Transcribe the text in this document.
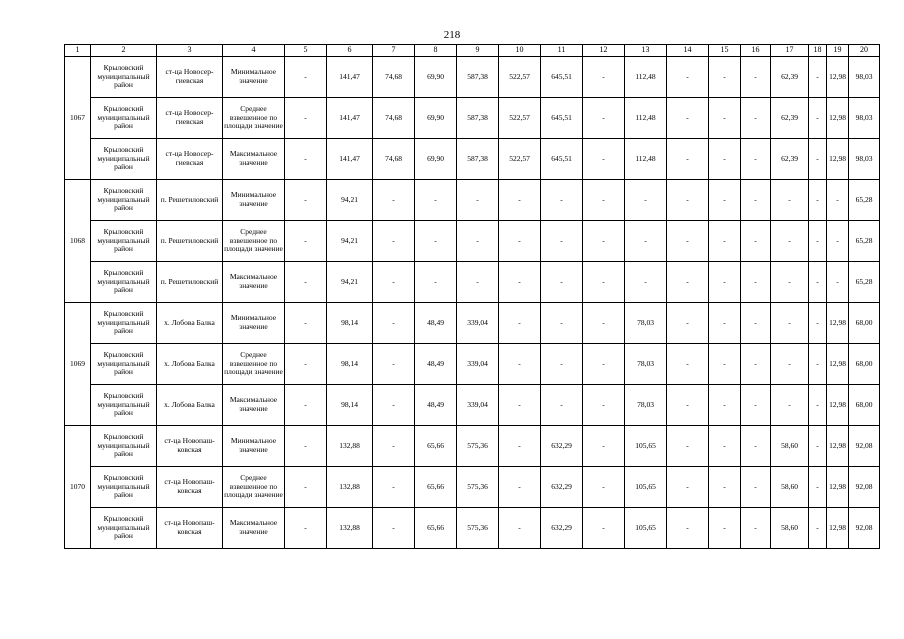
218
1	2	3	4	5	6	7	8	9	10	11	12	13	14	15	16	17	18	19	20
1067	Крыловский муниципальный район	ст-ца Новосер-гиевская	Минимальное значение	-	141,47	74,68	69,90	587,38	522,57	645,51	-	112,48	-	-	-	62,39	-	12,98	98,03
	Крыловский муниципальный район	ст-ца Новосер-гиевская	Среднее взвешенное по площади значение	-	141,47	74,68	69,90	587,38	522,57	645,51	-	112,48	-	-	-	62,39	-	12,98	98,03
	Крыловский муниципальный район	ст-ца Новосер-гиевская	Максимальное значение	-	141,47	74,68	69,90	587,38	522,57	645,51	-	112,48	-	-	-	62,39	-	12,98	98,03
1068	Крыловский муниципальный район	п. Решетиловский	Минимальное значение	-	94,21	-	-	-	-	-	-	-	-	-	-	-	-	-	65,28
	Крыловский муниципальный район	п. Решетиловский	Среднее взвешенное по площади значение	-	94,21	-	-	-	-	-	-	-	-	-	-	-	-	-	65,28
	Крыловский муниципальный район	п. Решетиловский	Максимальное значение	-	94,21	-	-	-	-	-	-	-	-	-	-	-	-	-	65,28
1069	Крыловский муниципальный район	х. Лобова Балка	Минимальное значение	-	98,14	-	48,49	339,04	-	-	-	78,03	-	-	-	-	-	12,98	68,00
	Крыловский муниципальный район	х. Лобова Балка	Среднее взвешенное по площади значение	-	98,14	-	48,49	339,04	-	-	-	78,03	-	-	-	-	-	12,98	68,00
	Крыловский муниципальный район	х. Лобова Балка	Максимальное значение	-	98,14	-	48,49	339,04	-	-	-	78,03	-	-	-	-	-	12,98	68,00
1070	Крыловский муниципальный район	ст-ца Новопаш-ковская	Минимальное значение	-	132,88	-	65,66	575,36	-	632,29	-	105,65	-	-	-	58,60	-	12,98	92,08
	Крыловский муниципальный район	ст-ца Новопаш-ковская	Среднее взвешенное по площади значение	-	132,88	-	65,66	575,36	-	632,29	-	105,65	-	-	-	58,60	-	12,98	92,08
	Крыловский муниципальный район	ст-ца Новопаш-ковская	Максимальное значение	-	132,88	-	65,66	575,36	-	632,29	-	105,65	-	-	-	58,60	-	12,98	92,08
